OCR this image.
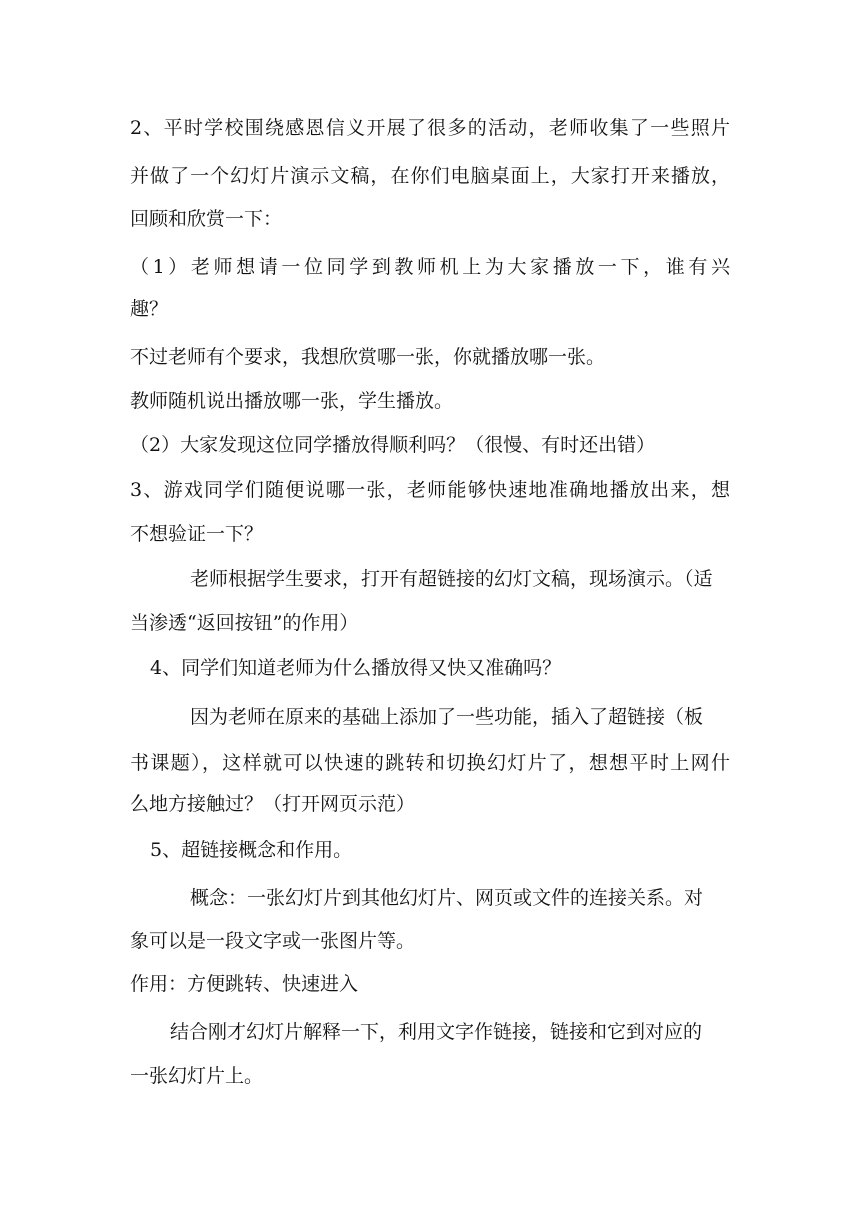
2、平时学校围绕感恩信义开展了很多的活动，老师收集了一些照片

并做了一个幻灯片演示文稿，在你们电脑桌面上，大家打开来播放，

回顾和欣赏一下：

（1）老师想请一位同学到教师机上为大家播放一下，谁有兴

趣？

不过老师有个要求，我想欣赏哪一张，你就播放哪一张。

教师随机说出播放哪一张，学生播放。

（2）大家发现这位同学播放得顺利吗？（很慢、有时还出错）

3、游戏同学们随便说哪一张，老师能够快速地准确地播放出来，想

不想验证一下？

老师根据学生要求，打开有超链接的幻灯文稿，现场演示。（适

当渗透“返回按钮”的作用）

4、同学们知道老师为什么播放得又快又准确吗？

因为老师在原来的基础上添加了一些功能，插入了超链接（板

书课题），这样就可以快速的跳转和切换幻灯片了，想想平时上网什

么地方接触过？（打开网页示范）

5、超链接概念和作用。

概念：一张幻灯片到其他幻灯片、网页或文件的连接关系。对

象可以是一段文字或一张图片等。

作用：方便跳转、快速进入

结合刚才幻灯片解释一下，利用文字作链接，链接和它到对应的

一张幻灯片上。
